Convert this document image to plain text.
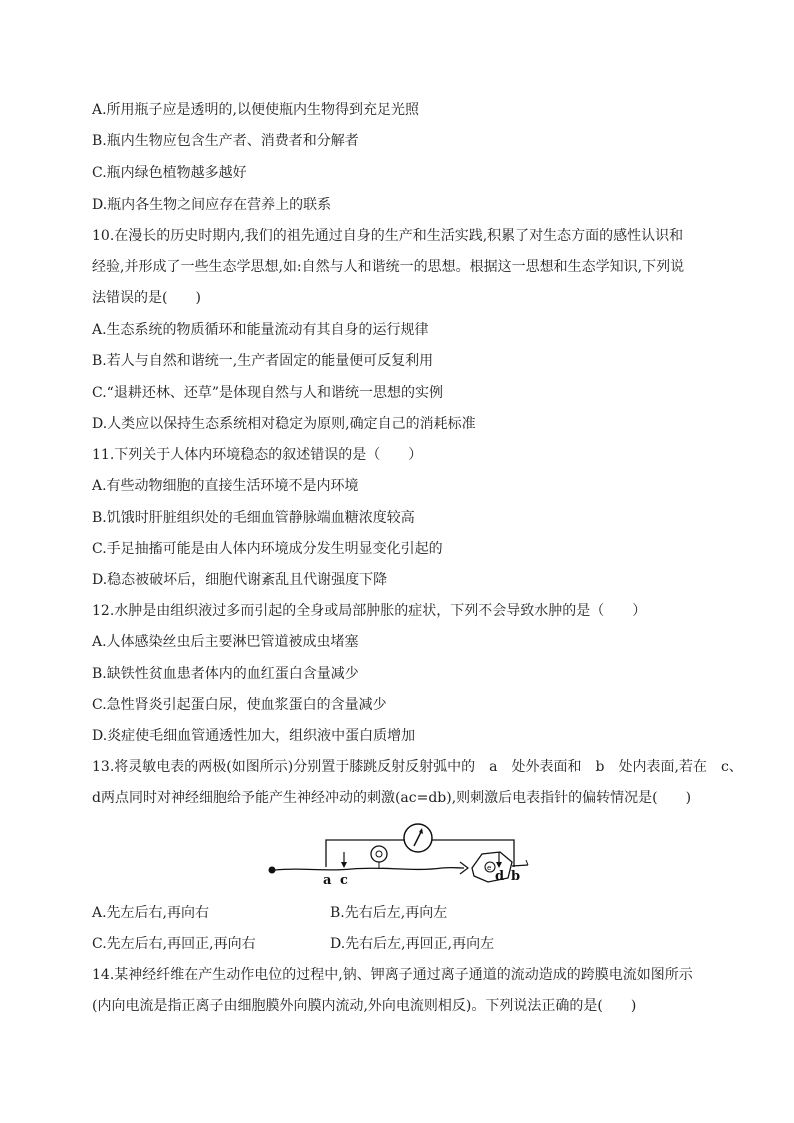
A.所用瓶子应是透明的,以便使瓶内生物得到充足光照
B.瓶内生物应包含生产者、消费者和分解者
C.瓶内绿色植物越多越好
D.瓶内各生物之间应存在营养上的联系
10.在漫长的历史时期内,我们的祖先通过自身的生产和生活实践,积累了对生态方面的感性认识和
经验,并形成了一些生态学思想,如:自然与人和谐统一的思想。根据这一思想和生态学知识,下列说
法错误的是(　　)
A.生态系统的物质循环和能量流动有其自身的运行规律
B.若人与自然和谐统一,生产者固定的能量便可反复利用
C.“退耕还林、还草”是体现自然与人和谐统一思想的实例
D.人类应以保持生态系统相对稳定为原则,确定自己的消耗标准
11.下列关于人体内环境稳态的叙述错误的是（　　）
A.有些动物细胞的直接生活环境不是内环境
B.饥饿时肝脏组织处的毛细血管静脉端血糖浓度较高
C.手足抽搐可能是由人体内环境成分发生明显变化引起的
D.稳态被破坏后，细胞代谢紊乱且代谢强度下降
12.水肿是由组织液过多而引起的全身或局部肿胀的症状，下列不会导致水肿的是（　　）
A.人体感染丝虫后主要淋巴管道被成虫堵塞
B.缺铁性贫血患者体内的血红蛋白含量减少
C.急性肾炎引起蛋白尿，使血浆蛋白的含量减少
D.炎症使毛细血管通透性加大，组织液中蛋白质增加
13.将灵敏电表的两极(如图所示)分别置于膝跳反射反射弧中的　a　处外表面和　b　处内表面,若在　c、
d两点同时对神经细胞给予能产生神经冲动的刺激(ac=db),则刺激后电表指针的偏转情况是(　　)
e
a c	d b
A.先左后右,再向右	B.先右后左,再向左
C.先左后右,再回正,再向右	D.先右后左,再回正,再向左
14.某神经纤维在产生动作电位的过程中,钠、钾离子通过离子通道的流动造成的跨膜电流如图所示
(内向电流是指正离子由细胞膜外向膜内流动,外向电流则相反)。下列说法正确的是(　　)
